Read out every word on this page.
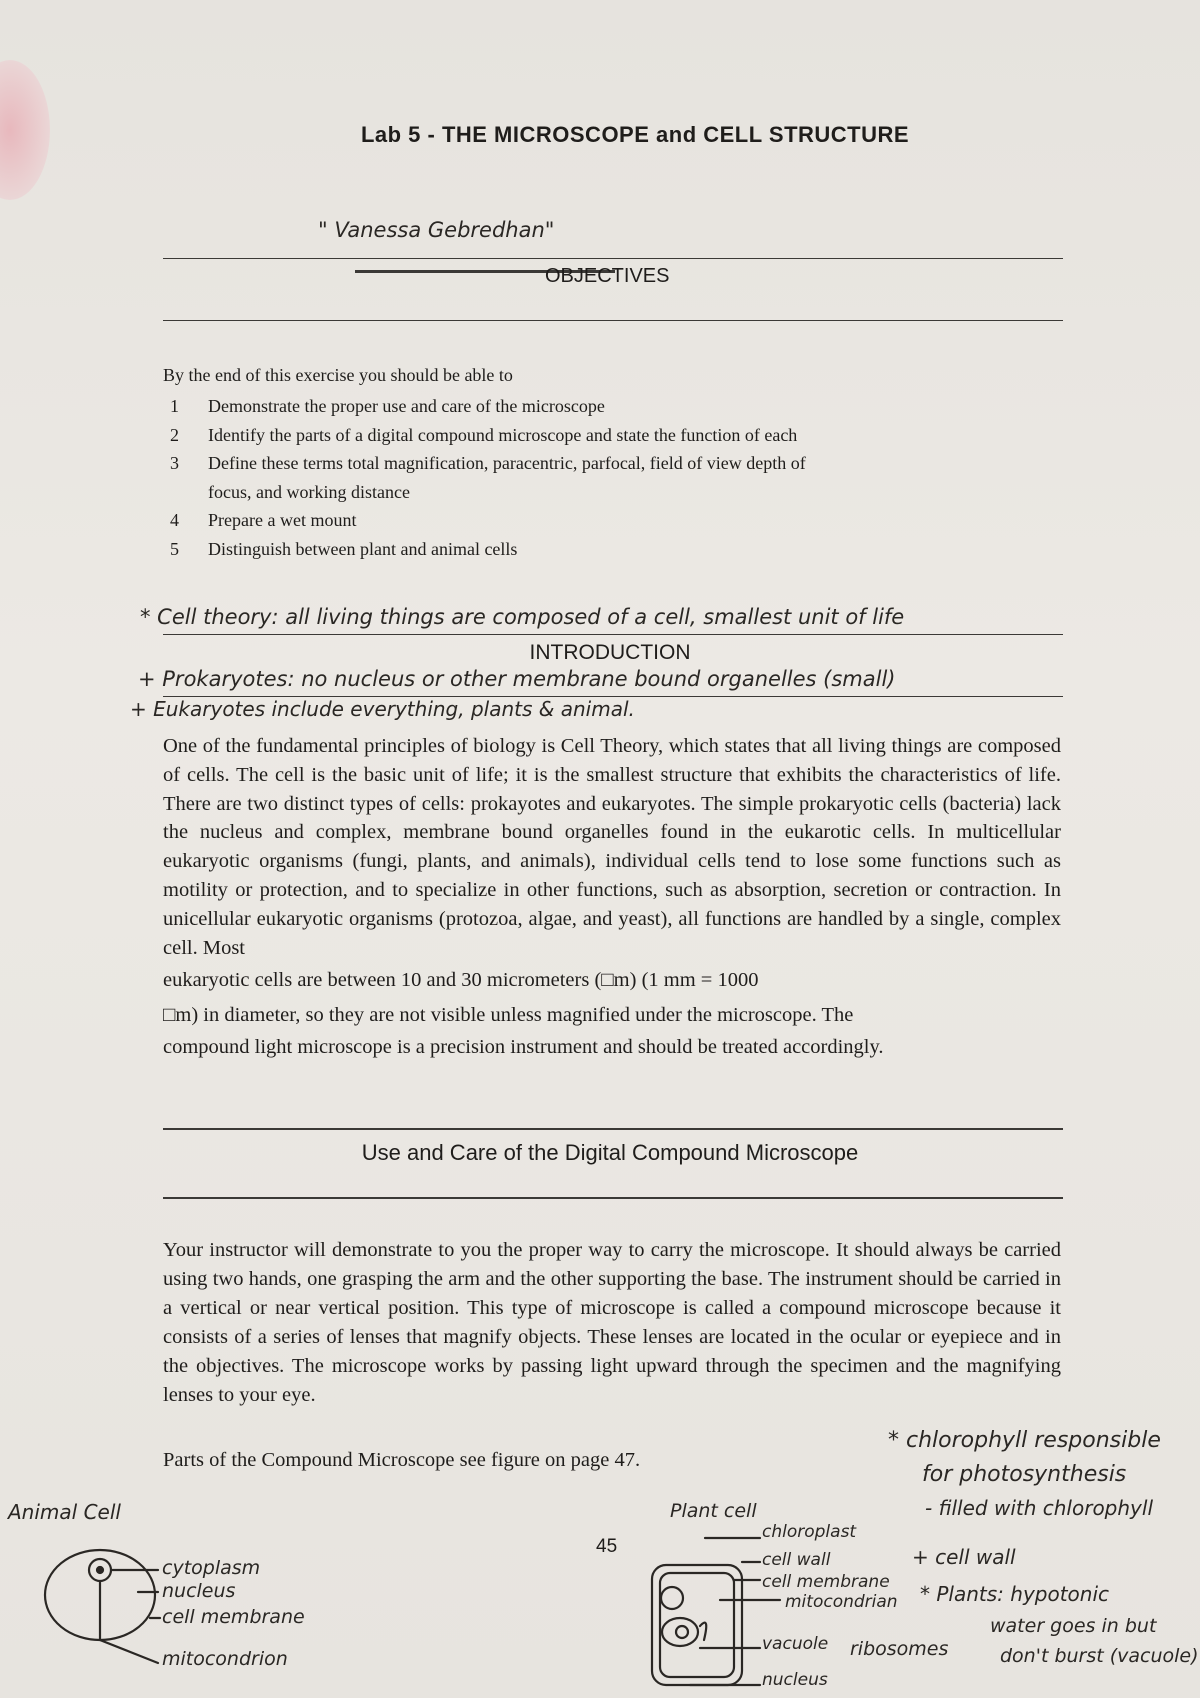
Lab 5 - THE MICROSCOPE and CELL STRUCTURE
" Vanessa Gebredhan"
OBJECTIVES
By the end of this exercise you should be able to
1 Demonstrate the proper use and care of the microscope
2 Identify the parts of a digital compound microscope and state the function of each
3 Define these terms total magnification, paracentric, parfocal, field of view depth of
focus, and working distance
4 Prepare a wet mount
5 Distinguish between plant and animal cells
* Cell theory: all living things are composed of a cell, smallest unit of life
INTRODUCTION
+ Prokaryotes: no nucleus or other membrane bound organelles (small)
+ Eukaryotes include everything, plants & animal.
One of the fundamental principles of biology is Cell Theory, which states that all living things are composed of cells. The cell is the basic unit of life; it is the smallest structure that exhibits the characteristics of life. There are two distinct types of cells: prokayotes and eukaryotes. The simple prokaryotic cells (bacteria) lack the nucleus and complex, membrane bound organelles found in the eukarotic cells. In multicellular eukaryotic organisms (fungi, plants, and animals), individual cells tend to lose some functions such as motility or protection, and to specialize in other functions, such as absorption, secretion or contraction. In unicellular eukaryotic organisms (protozoa, algae, and yeast), all functions are handled by a single, complex cell. Most
eukaryotic cells are between 10 and 30 micrometers (□m) (1 mm = 1000
□m) in diameter, so they are not visible unless magnified under the microscope. The
compound light microscope is a precision instrument and should be treated accordingly.
Use and Care of the Digital Compound Microscope
Your instructor will demonstrate to you the proper way to carry the microscope. It should always be carried using two hands, one grasping the arm and the other supporting the base. The instrument should be carried in a vertical or near vertical position. This type of microscope is called a compound microscope because it consists of a series of lenses that magnify objects. These lenses are located in the ocular or eyepiece and in the objectives. The microscope works by passing light upward through the specimen and the magnifying lenses to your eye.
Parts of the Compound Microscope see figure on page 47.
45
* chlorophyll responsible
for photosynthesis
- filled with chlorophyll
+ cell wall
* Plants: hypotonic
water goes in but
don't burst (vacuole)
Animal Cell
cytoplasm
nucleus
cell membrane
mitocondrion
Plant cell
chloroplast
cell wall
cell membrane
mitocondrian
vacuole ribosomes
nucleus
